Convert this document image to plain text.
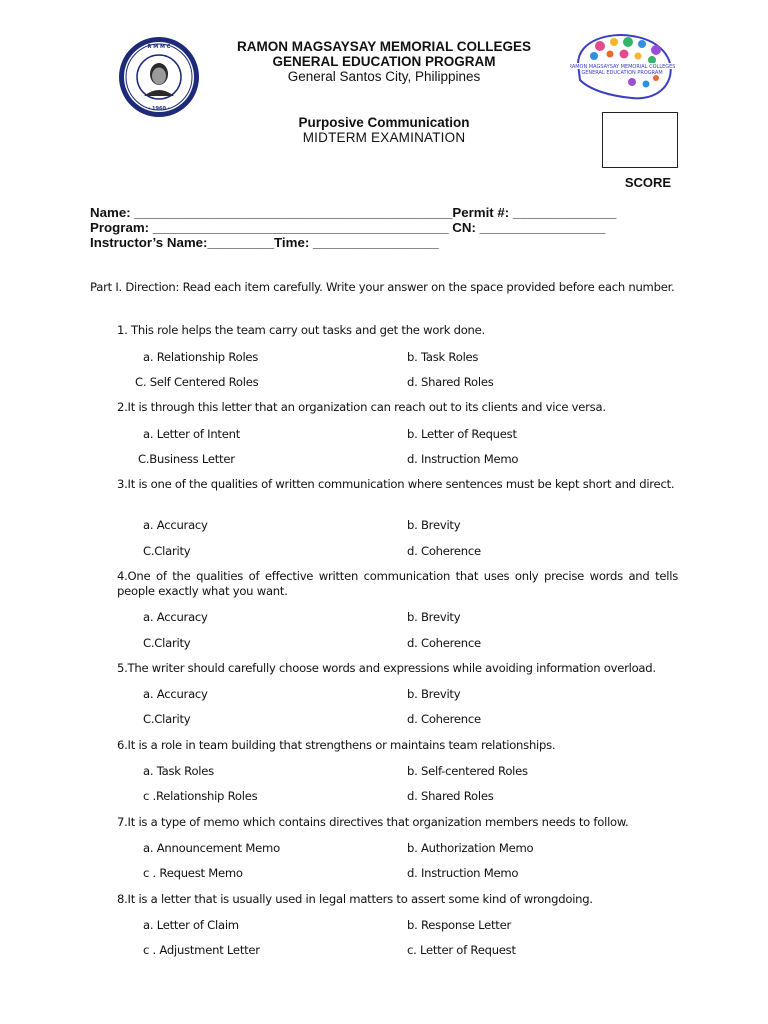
R M M C
· 1960 ·
RAMON MAGSAYSAY MEMORIAL COLLEGES
GENERAL EDUCATION PROGRAM
General Santos City, Philippines
RAMON MAGSAYSAY MEMORIAL COLLEGES
GENERAL EDUCATION PROGRAM
Purposive Communication
MIDTERM EXAMINATION
SCORE
Name: ___________________________________________Permit #: ______________
Program: ________________________________________ CN: _________________
Instructor’s Name:_________Time: _________________
Part I. Direction: Read each item carefully. Write your answer on the space provided before each number.
1. This role helps the team carry out tasks and get the work done.
a. Relationship Roles	b. Task Roles
C. Self Centered Roles	d. Shared Roles
2.It is through this letter that an organization can reach out to its clients and vice versa.
a. Letter of Intent	b. Letter of Request
C.Business Letter	d. Instruction Memo
3.It is one of the qualities of written communication where sentences must be kept short and direct.
a. Accuracy	b. Brevity
C.Clarity	d. Coherence
4.One of the qualities of effective written communication that uses only precise words and tells people exactly what you want.
a. Accuracy	b. Brevity
C.Clarity	d. Coherence
5.The writer should carefully choose words and expressions while avoiding information overload.
a. Accuracy	b. Brevity
C.Clarity	d. Coherence
6.It is a role in team building that strengthens or maintains team relationships.
a. Task Roles	b. Self-centered Roles
c .Relationship Roles	d. Shared Roles
7.It is a type of memo which contains directives that organization members needs to follow.
a. Announcement Memo	b. Authorization Memo
c . Request Memo	d. Instruction Memo
8.It is a letter that is usually used in legal matters to assert some kind of wrongdoing.
a. Letter of Claim	b. Response Letter
c . Adjustment Letter	c. Letter of Request
